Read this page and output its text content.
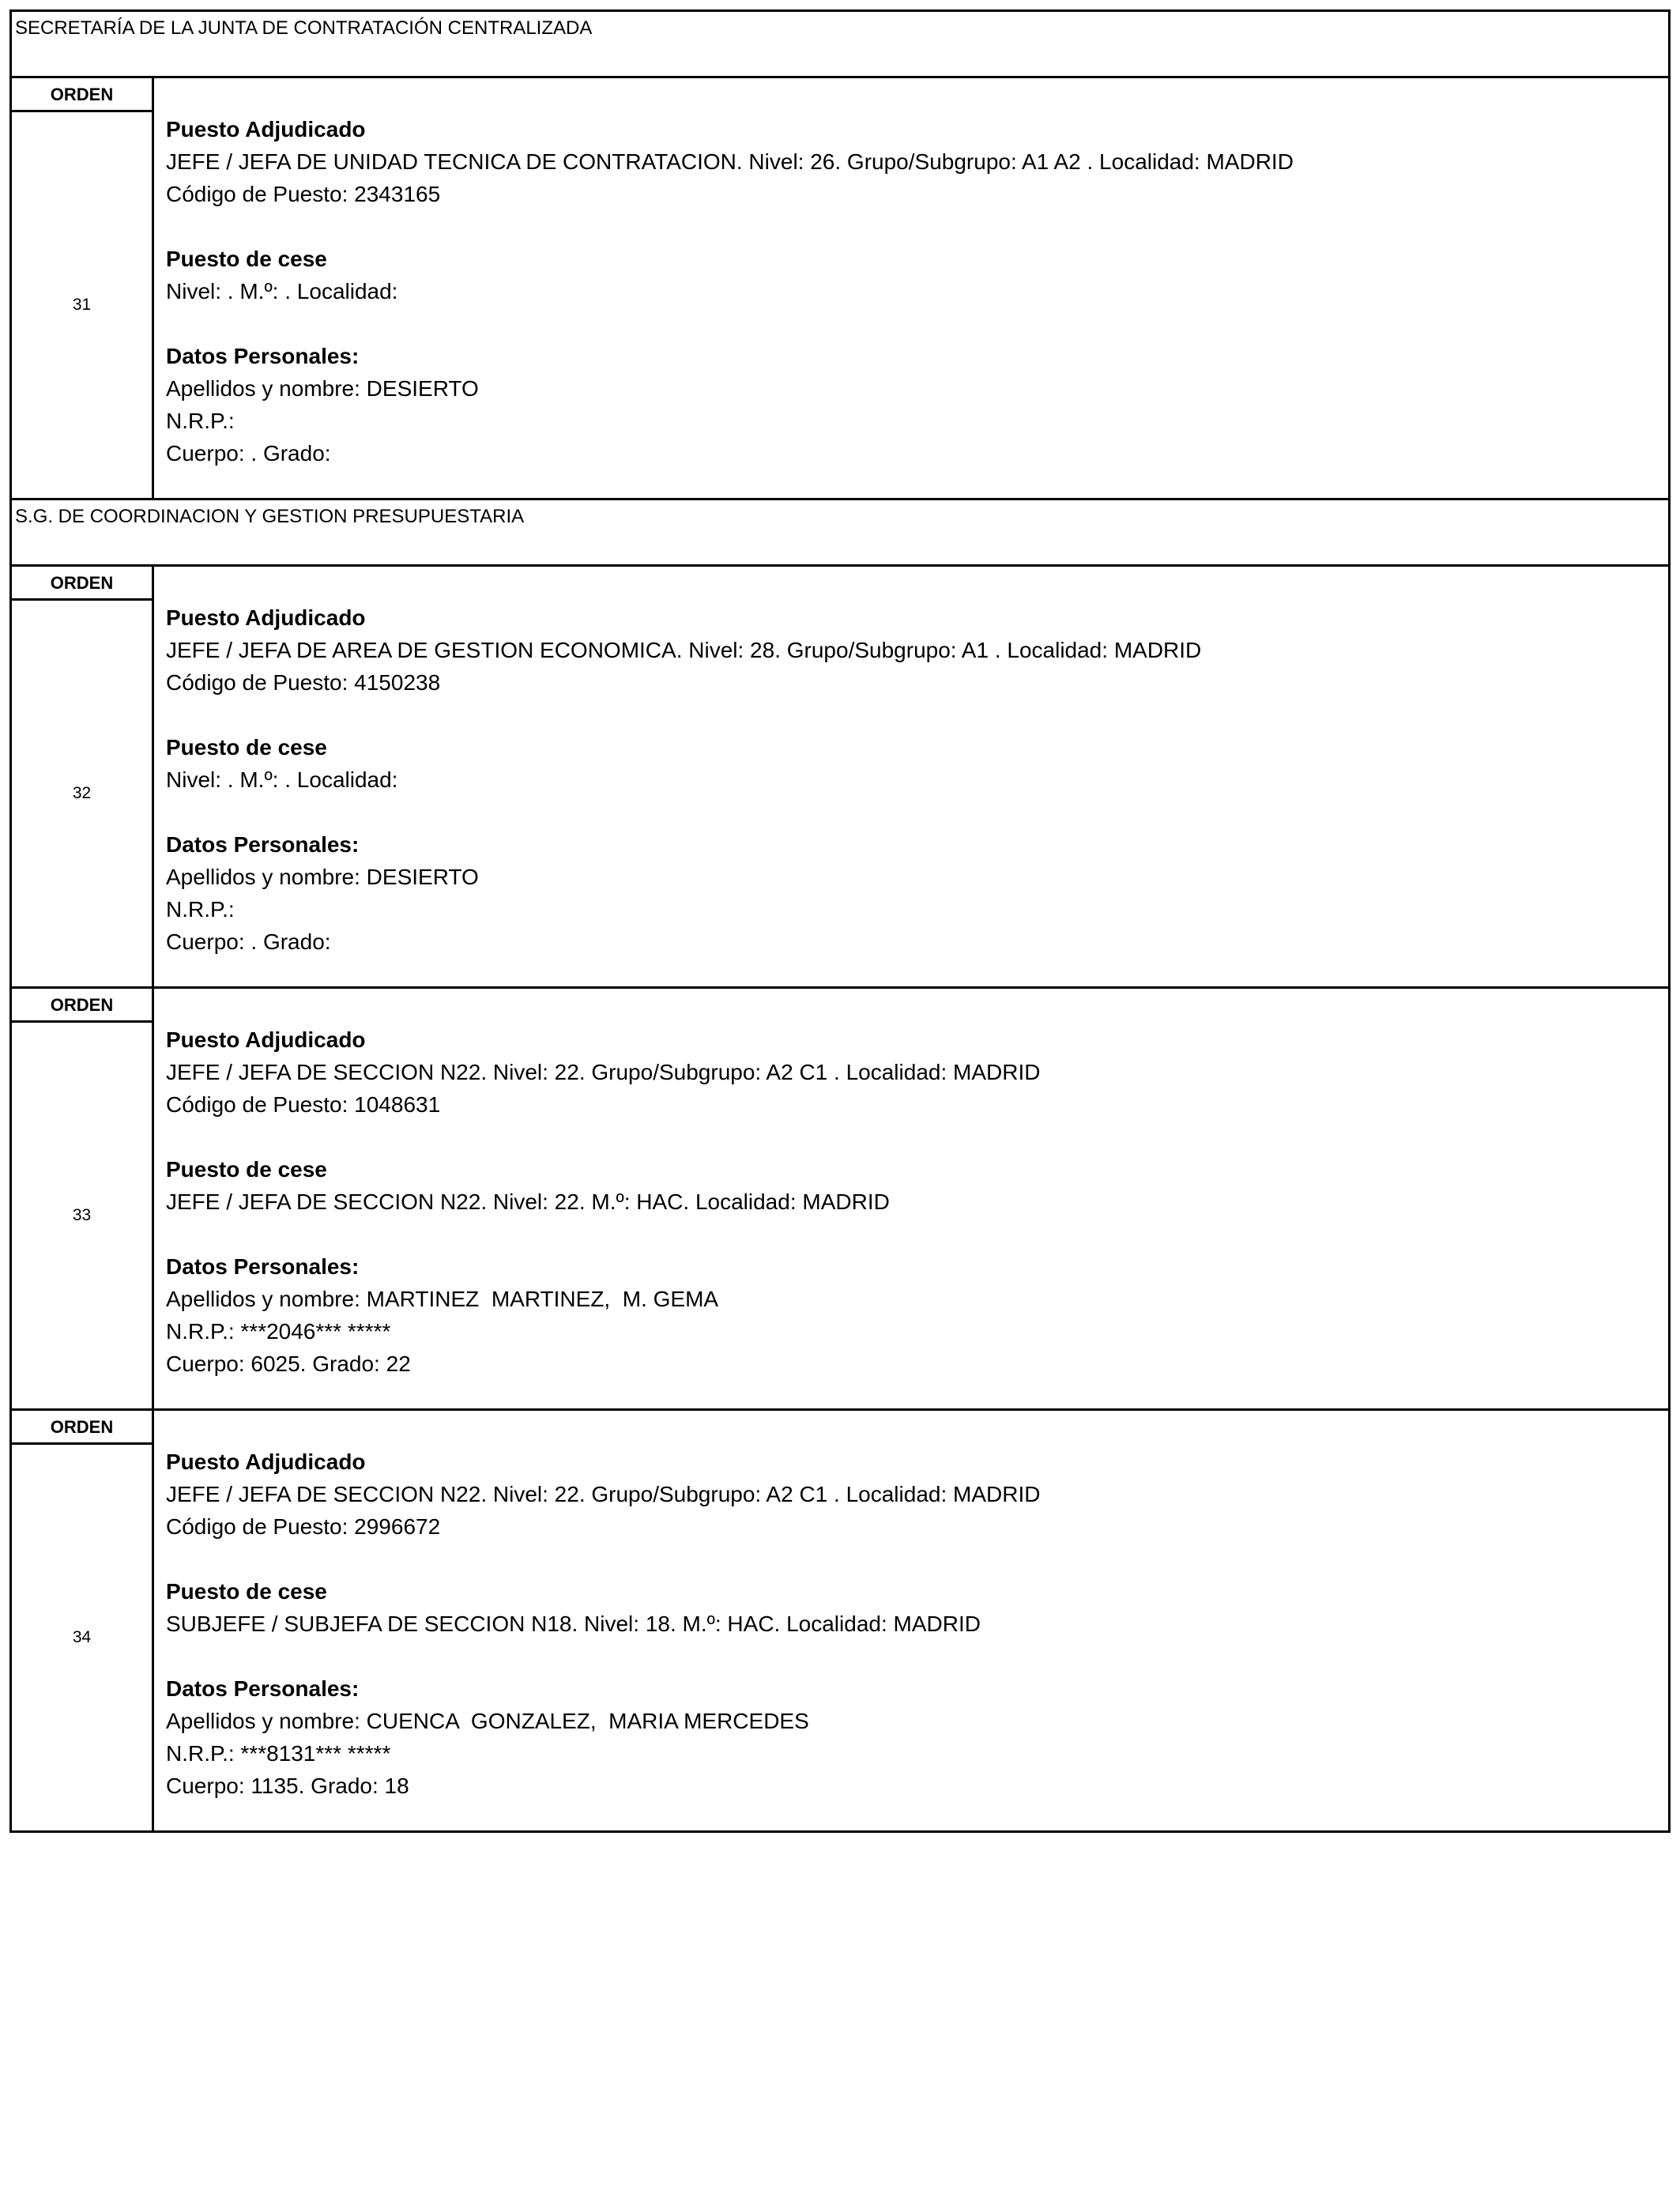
SECRETARÍA DE LA JUNTA DE CONTRATACIÓN CENTRALIZADA
ORDEN
31
Puesto Adjudicado
JEFE / JEFA DE UNIDAD TECNICA DE CONTRATACION. Nivel: 26. Grupo/Subgrupo: A1 A2 . Localidad: MADRID
Código de Puesto: 2343165
Puesto de cese
Nivel: . M.º: . Localidad:
Datos Personales:
Apellidos y nombre: DESIERTO
N.R.P.:
Cuerpo: . Grado:
S.G. DE COORDINACION Y GESTION PRESUPUESTARIA
ORDEN
32
Puesto Adjudicado
JEFE / JEFA DE AREA DE GESTION ECONOMICA. Nivel: 28. Grupo/Subgrupo: A1 . Localidad: MADRID
Código de Puesto: 4150238
Puesto de cese
Nivel: . M.º: . Localidad:
Datos Personales:
Apellidos y nombre: DESIERTO
N.R.P.:
Cuerpo: . Grado:
ORDEN
33
Puesto Adjudicado
JEFE / JEFA DE SECCION N22. Nivel: 22. Grupo/Subgrupo: A2 C1 . Localidad: MADRID
Código de Puesto: 1048631
Puesto de cese
JEFE / JEFA DE SECCION N22. Nivel: 22. M.º: HAC. Localidad: MADRID
Datos Personales:
Apellidos y nombre: MARTINEZ  MARTINEZ,  M. GEMA
N.R.P.: ***2046*** *****
Cuerpo: 6025. Grado: 22
ORDEN
34
Puesto Adjudicado
JEFE / JEFA DE SECCION N22. Nivel: 22. Grupo/Subgrupo: A2 C1 . Localidad: MADRID
Código de Puesto: 2996672
Puesto de cese
SUBJEFE / SUBJEFA DE SECCION N18. Nivel: 18. M.º: HAC. Localidad: MADRID
Datos Personales:
Apellidos y nombre: CUENCA  GONZALEZ,  MARIA MERCEDES
N.R.P.: ***8131*** *****
Cuerpo: 1135. Grado: 18
